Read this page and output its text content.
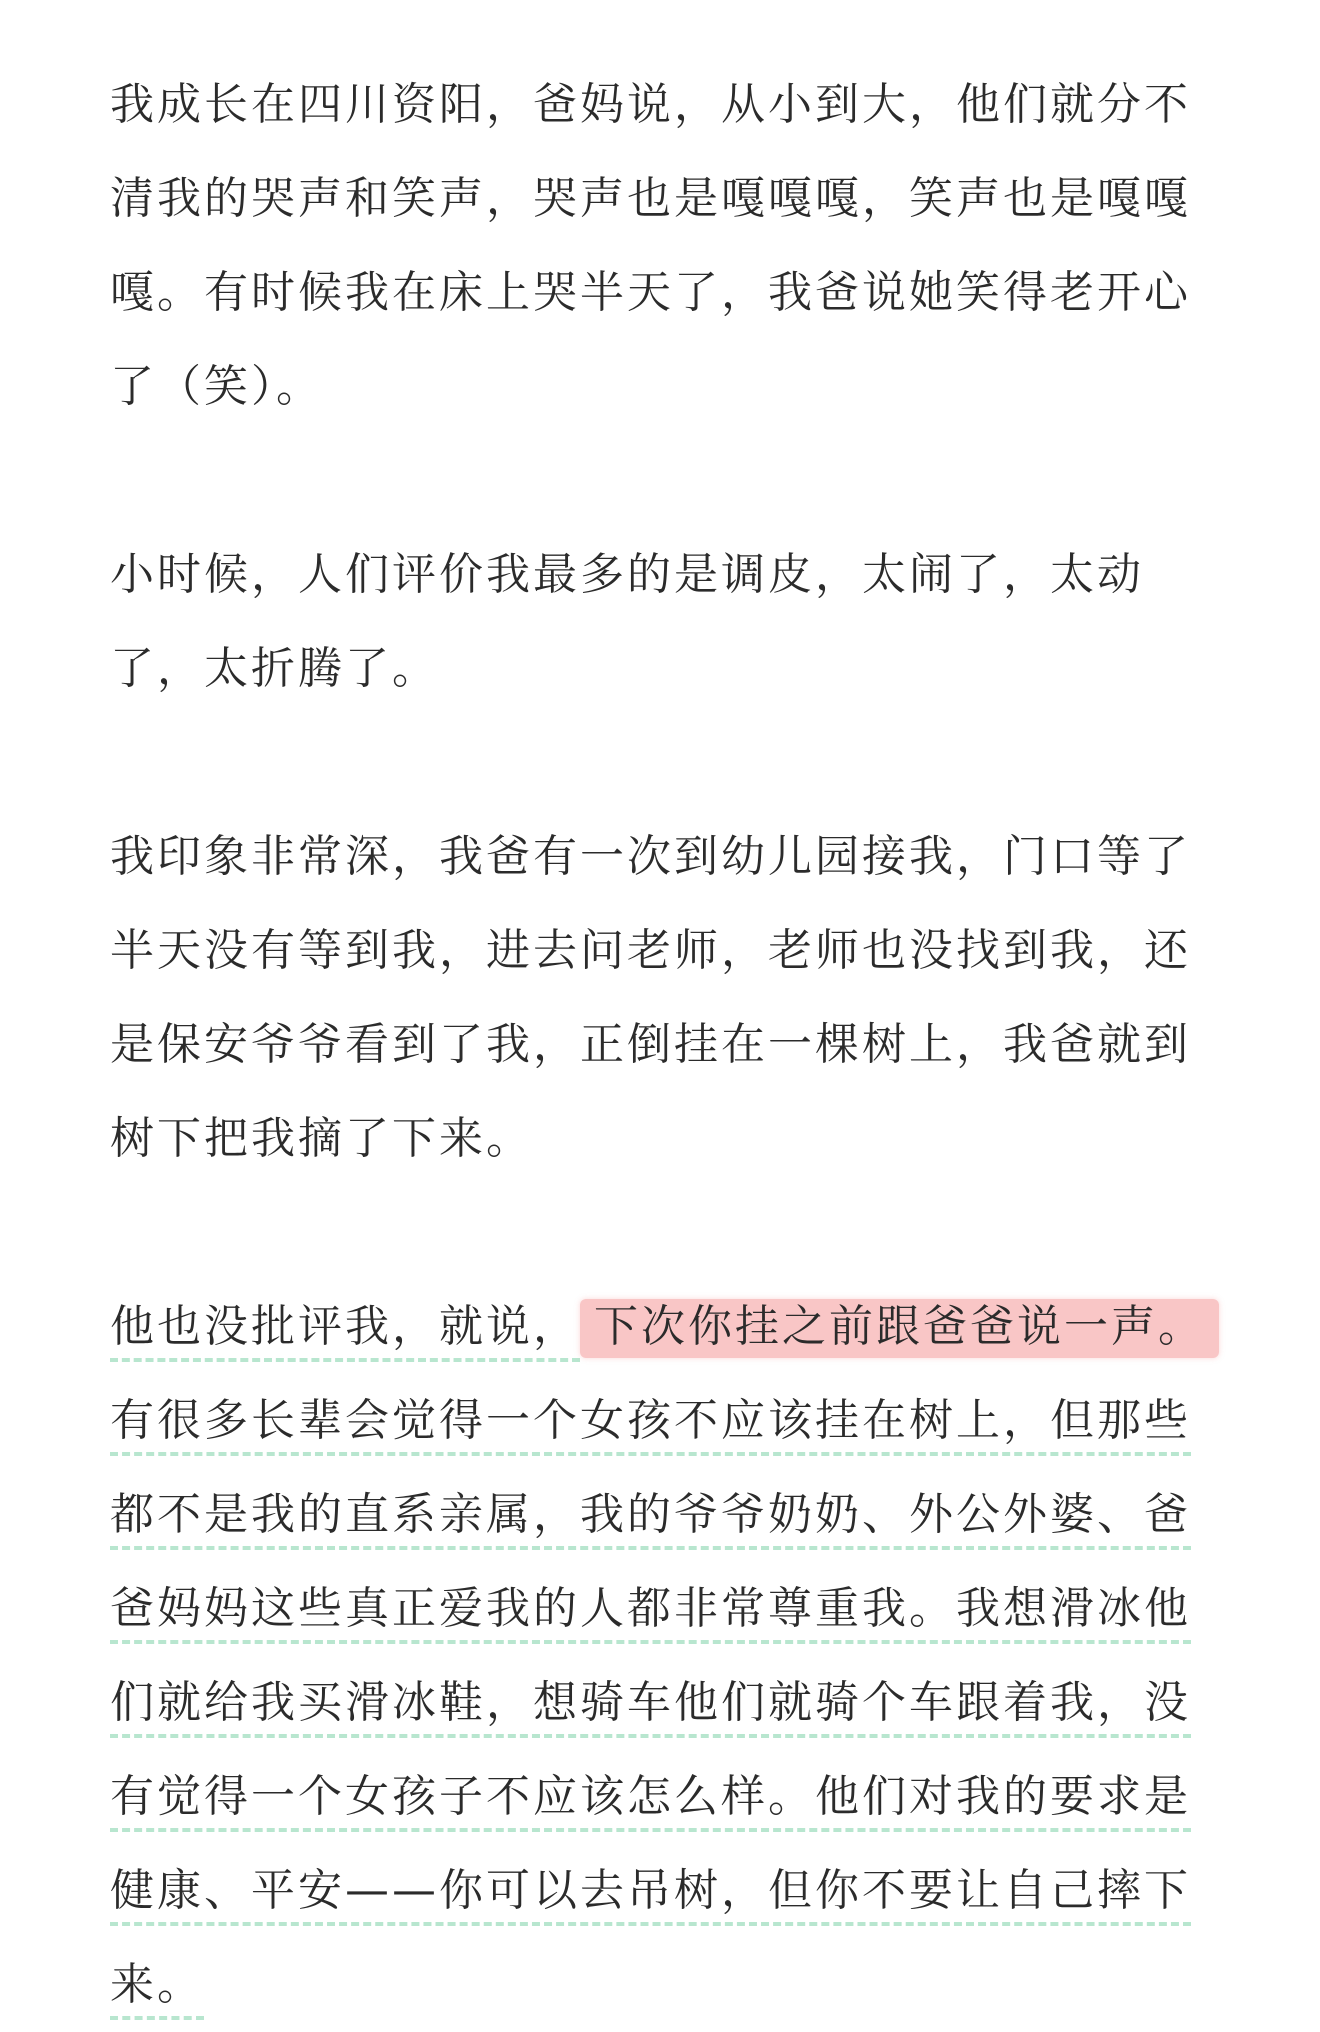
我成长在四川资阳，爸妈说，从小到大，他们就分不
清我的哭声和笑声，哭声也是嘎嘎嘎，笑声也是嘎嘎
嘎。有时候我在床上哭半天了，我爸说她笑得老开心
了（笑）。
小时候，人们评价我最多的是调皮，太闹了，太动
了，太折腾了。
我印象非常深，我爸有一次到幼儿园接我，门口等了
半天没有等到我，进去问老师，老师也没找到我，还
是保安爷爷看到了我，正倒挂在一棵树上，我爸就到
树下把我摘了下来。
他也没批评我，就说， 下次你挂之前跟爸爸说一声。
有很多长辈会觉得一个女孩不应该挂在树上，但那些
都不是我的直系亲属，我的爷爷奶奶、外公外婆、爸
爸妈妈这些真正爱我的人都非常尊重我。我想滑冰他
们就给我买滑冰鞋，想骑车他们就骑个车跟着我，没
有觉得一个女孩子不应该怎么样。他们对我的要求是
健康、平安——你可以去吊树，但你不要让自己摔下
来。
